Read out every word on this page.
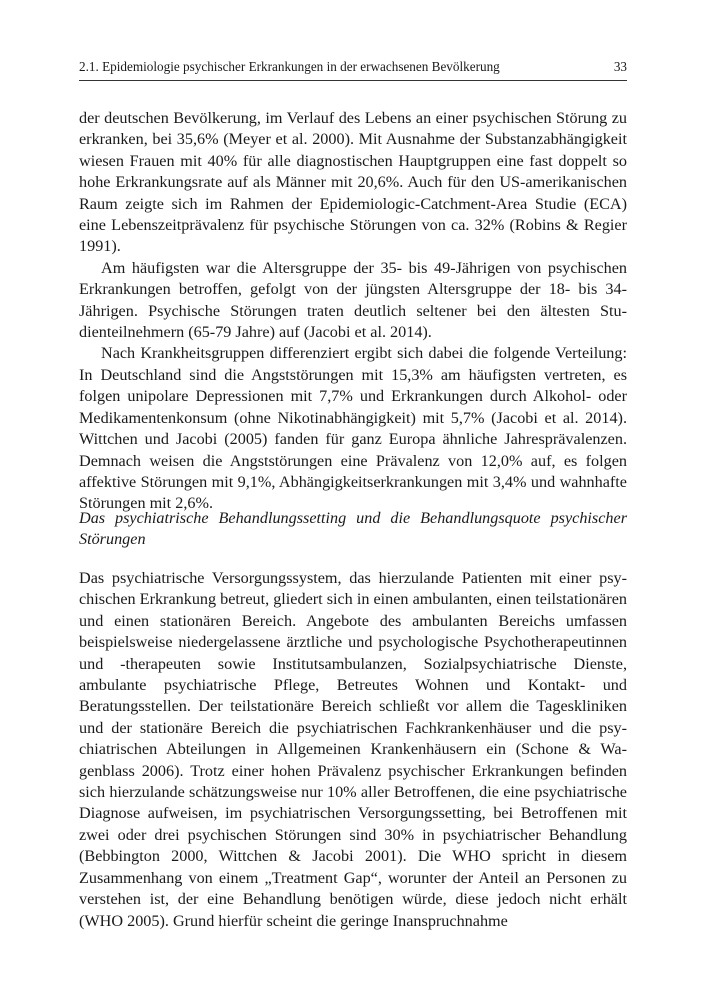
2.1. Epidemiologie psychischer Erkrankungen in der erwachsenen Bevölkerung	33

der deutschen Bevölkerung, im Verlauf des Lebens an einer psychischen Störung zu erkranken, bei 35,6% (Meyer et al. 2000). Mit Ausnahme der Substanzabhängigkeit wiesen Frauen mit 40% für alle diagnostischen Hauptgruppen eine fast doppelt so hohe Erkrankungsrate auf als Männer mit 20,6%. Auch für den US-amerikanischen Raum zeigte sich im Rahmen der Epidemiologic-Catchment-Area Studie (ECA) eine Lebenszeitprävalenz für psychische Störungen von ca. 32% (Robins & Regier 1991).

Am häufigsten war die Altersgruppe der 35- bis 49-Jährigen von psychischen Erkrankungen betroffen, gefolgt von der jüngsten Altersgruppe der 18- bis 34-Jährigen. Psychische Störungen traten deutlich seltener bei den ältesten Studienteilnehmern (65-79 Jahre) auf (Jacobi et al. 2014).

Nach Krankheitsgruppen differenziert ergibt sich dabei die folgende Verteilung: In Deutschland sind die Angststörungen mit 15,3% am häufigsten vertreten, es folgen unipolare Depressionen mit 7,7% und Erkrankungen durch Alkohol- oder Medikamentenkonsum (ohne Nikotinabhängigkeit) mit 5,7% (Jacobi et al. 2014). Wittchen und Jacobi (2005) fanden für ganz Europa ähnliche Jahresprävalenzen. Demnach weisen die Angststörungen eine Prävalenz von 12,0% auf, es folgen affektive Störungen mit 9,1%, Abhängigkeitserkrankungen mit 3,4% und wahnhafte Störungen mit 2,6%.

Das psychiatrische Behandlungssetting und die Behandlungsquote psychischer Störungen

Das psychiatrische Versorgungssystem, das hierzulande Patienten mit einer psychischen Erkrankung betreut, gliedert sich in einen ambulanten, einen teilstationären und einen stationären Bereich. Angebote des ambulanten Bereichs umfassen beispielsweise niedergelassene ärztliche und psychologische Psychotherapeutinnen und -therapeuten sowie Institutsambulanzen, Sozialpsychiatrische Dienste, ambulante psychiatrische Pflege, Betreutes Wohnen und Kontakt- und Beratungsstellen. Der teilstationäre Bereich schließt vor allem die Tageskliniken und der stationäre Bereich die psychiatrischen Fachkrankenhäuser und die psychiatrischen Abteilungen in Allgemeinen Krankenhäusern ein (Schone & Wagenblass 2006). Trotz einer hohen Prävalenz psychischer Erkrankungen befinden sich hierzulande schätzungsweise nur 10% aller Betroffenen, die eine psychiatrische Diagnose aufweisen, im psychiatrischen Versorgungssetting, bei Betroffenen mit zwei oder drei psychischen Störungen sind 30% in psychiatrischer Behandlung (Bebbington 2000, Wittchen & Jacobi 2001). Die WHO spricht in diesem Zusammenhang von einem „Treatment Gap“, worunter der Anteil an Personen zu verstehen ist, der eine Behandlung benötigen würde, diese jedoch nicht erhält (WHO 2005). Grund hierfür scheint die geringe Inanspruchnahme
